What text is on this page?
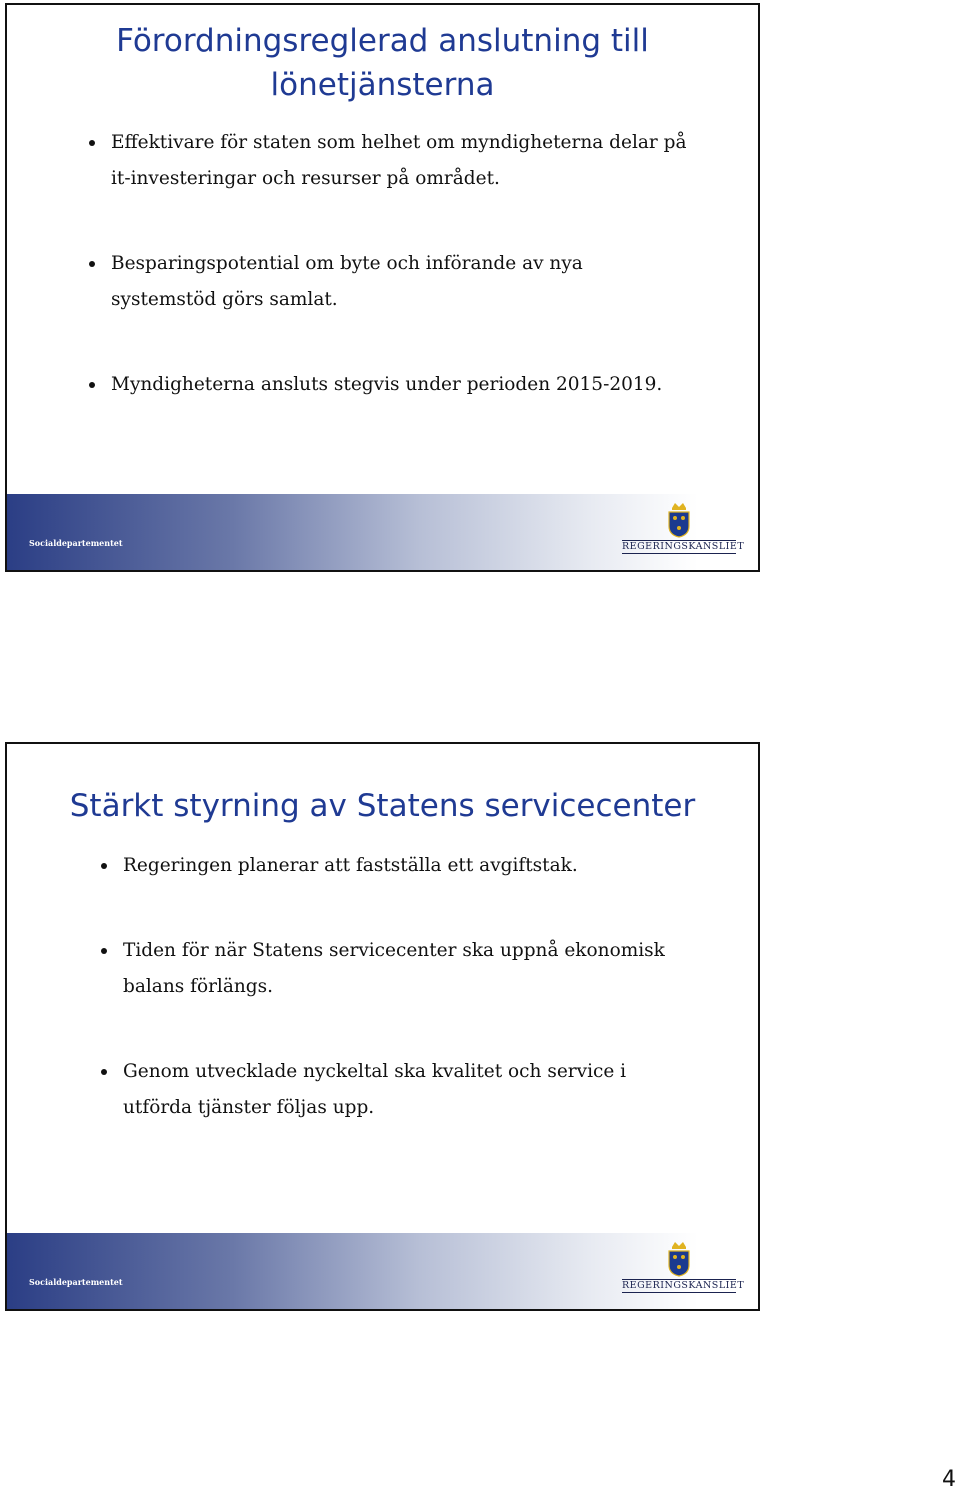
Förordningsreglerad anslutning till lönetjänsterna
Effektivare för staten som helhet om myndigheterna delar på it-investeringar och resurser på området.
Besparingspotential om byte och införande av nya systemstöd görs samlat.
Myndigheterna ansluts stegvis under perioden 2015-2019.
Socialdepartementet	REGERINGSKANSLIET
Stärkt styrning av Statens servicecenter
Regeringen planerar att fastställa ett avgiftstak.
Tiden för när Statens servicecenter ska uppnå ekonomisk balans förlängs.
Genom utvecklade nyckeltal ska kvalitet och service i utförda tjänster följas upp.
Socialdepartementet	REGERINGSKANSLIET
4
